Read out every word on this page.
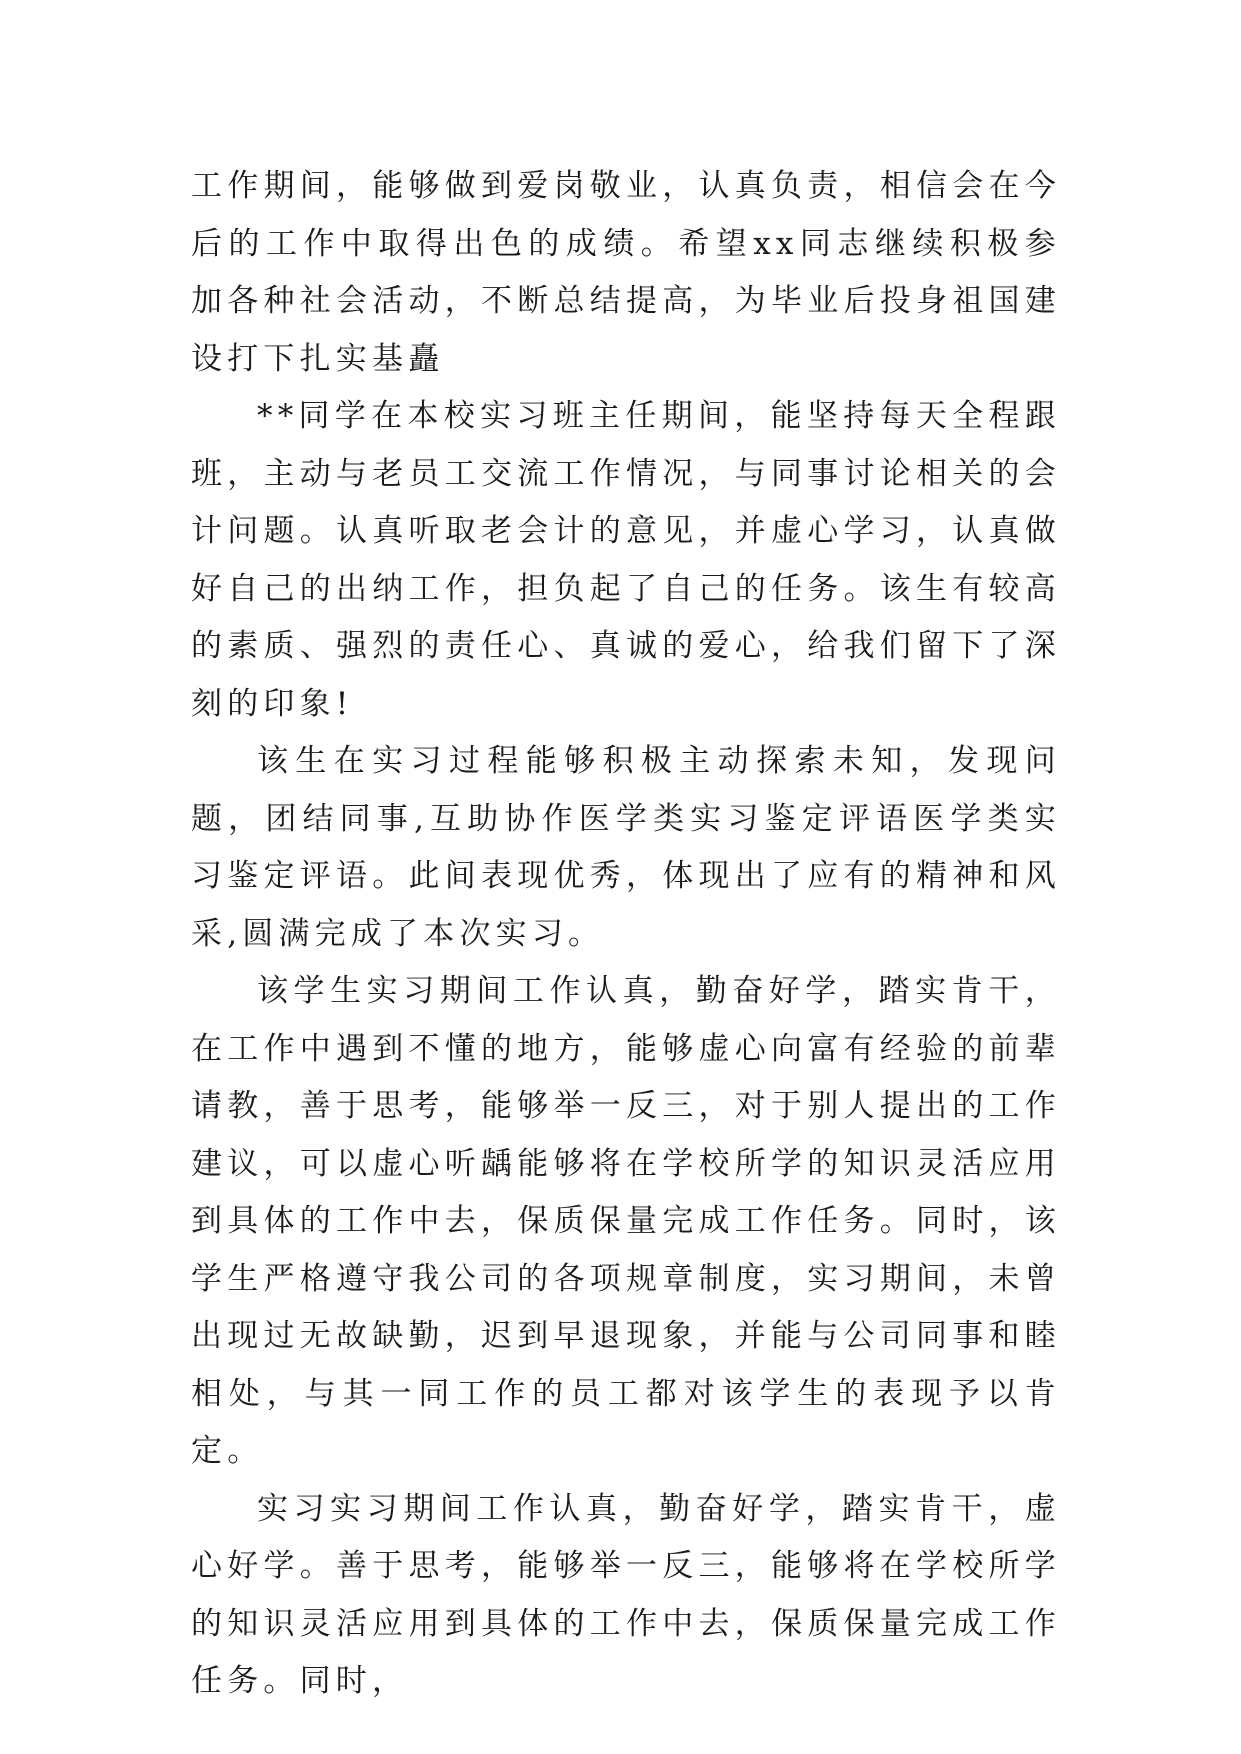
工作期间，能够做到爱岗敬业，认真负责，相信会在今后的工作中取得出色的成绩。希望xx同志继续积极参加各种社会活动，不断总结提高，为毕业后投身祖国建设打下扎实基矗

**同学在本校实习班主任期间，能坚持每天全程跟班，主动与老员工交流工作情况，与同事讨论相关的会计问题。认真听取老会计的意见，并虚心学习，认真做好自己的出纳工作，担负起了自己的任务。该生有较高的素质、强烈的责任心、真诚的爱心，给我们留下了深刻的印象!

该生在实习过程能够积极主动探索未知，发现问题，团结同事,互助协作医学类实习鉴定评语医学类实习鉴定评语。此间表现优秀，体现出了应有的精神和风采,圆满完成了本次实习。

该学生实习期间工作认真，勤奋好学，踏实肯干，在工作中遇到不懂的地方，能够虚心向富有经验的前辈请教，善于思考，能够举一反三，对于别人提出的工作建议，可以虚心听龋能够将在学校所学的知识灵活应用到具体的工作中去，保质保量完成工作任务。同时，该学生严格遵守我公司的各项规章制度，实习期间，未曾出现过无故缺勤，迟到早退现象，并能与公司同事和睦相处，与其一同工作的员工都对该学生的表现予以肯定。

实习实习期间工作认真，勤奋好学，踏实肯干，虚心好学。善于思考，能够举一反三，能够将在学校所学的知识灵活应用到具体的工作中去，保质保量完成工作任务。同时，
